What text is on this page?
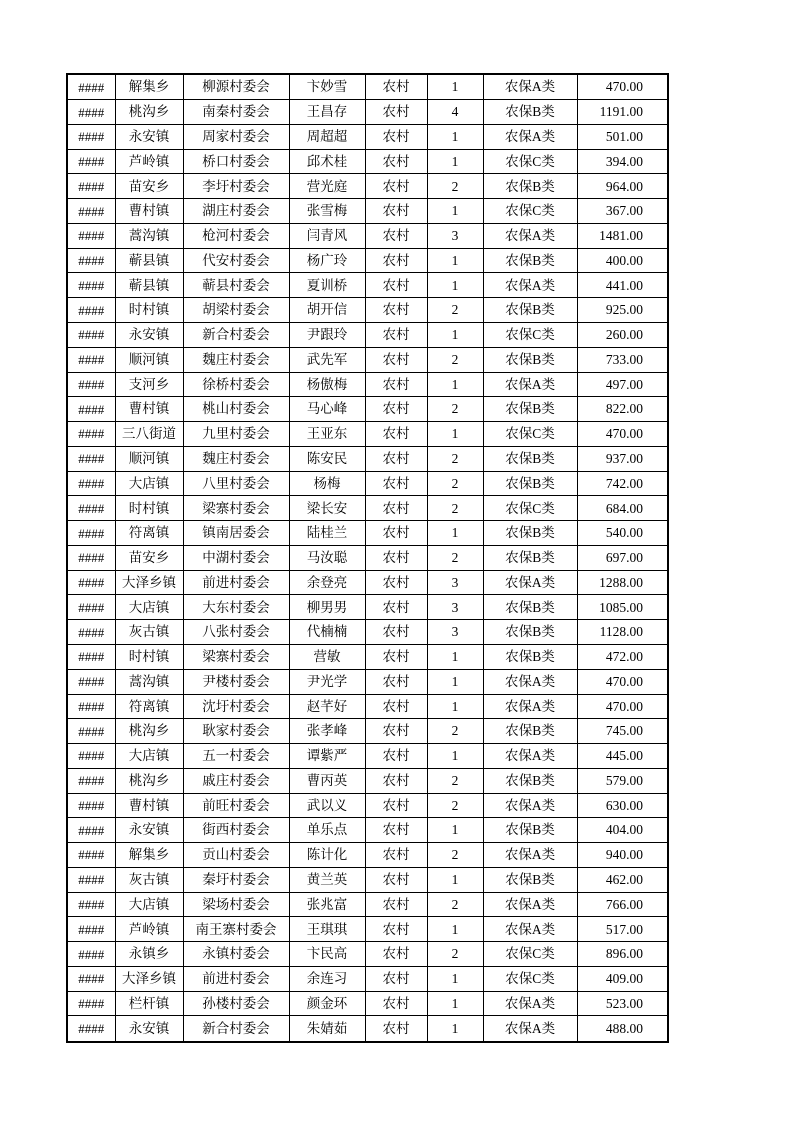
####	解集乡	柳源村委会	卞妙雪	农村	1	农保A类	470.00
####	桃沟乡	南秦村委会	王昌存	农村	4	农保B类	1191.00
####	永安镇	周家村委会	周超超	农村	1	农保A类	501.00
####	芦岭镇	桥口村委会	邱术桂	农村	1	农保C类	394.00
####	苗安乡	李圩村委会	营光庭	农村	2	农保B类	964.00
####	曹村镇	湖庄村委会	张雪梅	农村	1	农保C类	367.00
####	蒿沟镇	枪河村委会	闫青风	农村	3	农保A类	1481.00
####	蕲县镇	代安村委会	杨广玲	农村	1	农保B类	400.00
####	蕲县镇	蕲县村委会	夏训桥	农村	1	农保A类	441.00
####	时村镇	胡梁村委会	胡开信	农村	2	农保B类	925.00
####	永安镇	新合村委会	尹跟玲	农村	1	农保C类	260.00
####	顺河镇	魏庄村委会	武先军	农村	2	农保B类	733.00
####	支河乡	徐桥村委会	杨傲梅	农村	1	农保A类	497.00
####	曹村镇	桃山村委会	马心峰	农村	2	农保B类	822.00
####	三八街道	九里村委会	王亚东	农村	1	农保C类	470.00
####	顺河镇	魏庄村委会	陈安民	农村	2	农保B类	937.00
####	大店镇	八里村委会	杨梅	农村	2	农保B类	742.00
####	时村镇	梁寨村委会	梁长安	农村	2	农保C类	684.00
####	符离镇	镇南居委会	陆桂兰	农村	1	农保B类	540.00
####	苗安乡	中湖村委会	马汝聪	农村	2	农保B类	697.00
####	大泽乡镇	前进村委会	余登亮	农村	3	农保A类	1288.00
####	大店镇	大东村委会	柳男男	农村	3	农保B类	1085.00
####	灰古镇	八张村委会	代楠楠	农村	3	农保B类	1128.00
####	时村镇	梁寨村委会	营敏	农村	1	农保B类	472.00
####	蒿沟镇	尹楼村委会	尹光学	农村	1	农保A类	470.00
####	符离镇	沈圩村委会	赵芊好	农村	1	农保A类	470.00
####	桃沟乡	耿家村委会	张孝峰	农村	2	农保B类	745.00
####	大店镇	五一村委会	谭紫严	农村	1	农保A类	445.00
####	桃沟乡	戚庄村委会	曹丙英	农村	2	农保B类	579.00
####	曹村镇	前旺村委会	武以义	农村	2	农保A类	630.00
####	永安镇	街西村委会	单乐点	农村	1	农保B类	404.00
####	解集乡	贡山村委会	陈计化	农村	2	农保A类	940.00
####	灰古镇	秦圩村委会	黄兰英	农村	1	农保B类	462.00
####	大店镇	梁场村委会	张兆富	农村	2	农保A类	766.00
####	芦岭镇	南王寨村委会	王琪琪	农村	1	农保A类	517.00
####	永镇乡	永镇村委会	卞民高	农村	2	农保C类	896.00
####	大泽乡镇	前进村委会	余连习	农村	1	农保C类	409.00
####	栏杆镇	孙楼村委会	颜金环	农村	1	农保A类	523.00
####	永安镇	新合村委会	朱婧茹	农村	1	农保A类	488.00
